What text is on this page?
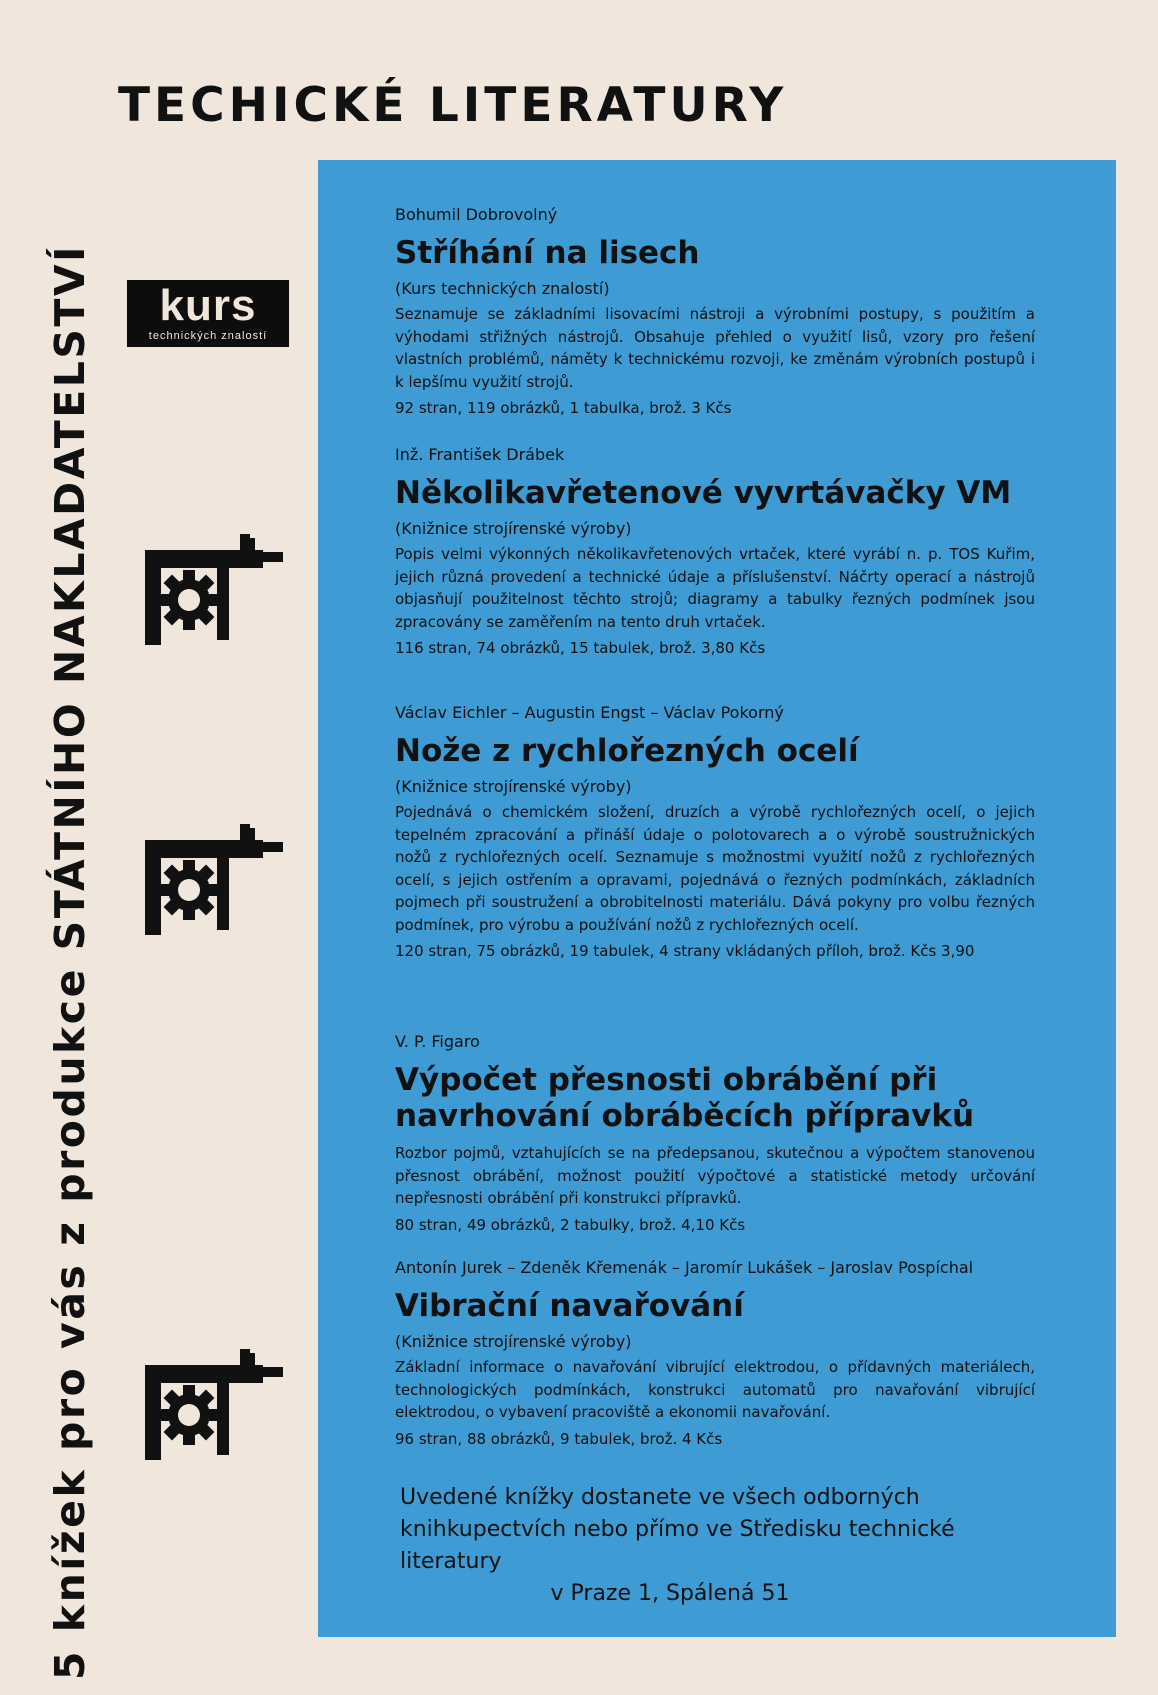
5 knížek pro vás z produkce STÁTNÍHO NAKLADATELSTVÍ
TECHICKÉ LITERATURY
kurs
technických znalostí
Bohumil Dobrovolný
Stříhání na lisech
(Kurs technických znalostí)
Seznamuje se základními lisovacími nástroji a výrobními postupy, s použitím a výhodami střižných nástrojů. Obsahuje přehled o využití lisů, vzory pro řešení vlastních problémů, náměty k technickému rozvoji, ke změnám výrobních postupů i k lepšímu využití strojů.
92 stran, 119 obrázků, 1 tabulka, brož. 3 Kčs
Inž. František Drábek
Několikavřetenové vyvrtávačky VM
(Knižnice strojírenské výroby)
Popis velmi výkonných několikavřetenových vrtaček, které vyrábí n. p. TOS Kuřim, jejich různá provedení a technické údaje a příslušenství. Náčrty operací a nástrojů objasňují použitelnost těchto strojů; diagramy a tabulky řezných podmínek jsou zpracovány se zaměřením na tento druh vrtaček.
116 stran, 74 obrázků, 15 tabulek, brož. 3,80 Kčs
Václav Eichler – Augustin Engst – Václav Pokorný
Nože z rychlořezných ocelí
(Knižnice strojírenské výroby)
Pojednává o chemickém složení, druzích a výrobě rychlořezných ocelí, o jejich tepelném zpracování a přináší údaje o polotovarech a o výrobě soustružnických nožů z rychlořezných ocelí. Seznamuje s možnostmi využití nožů z rychlořezných ocelí, s jejich ostřením a opravami, pojednává o řezných podmínkách, základních pojmech při soustružení a obrobitelnosti materiálu. Dává pokyny pro volbu řezných podmínek, pro výrobu a používání nožů z rychlořezných ocelí.
120 stran, 75 obrázků, 19 tabulek, 4 strany vkládaných příloh, brož. Kčs 3,90
V. P. Figaro
Výpočet přesnosti obrábění při navrhování obráběcích přípravků
Rozbor pojmů, vztahujících se na předepsanou, skutečnou a výpočtem stanovenou přesnost obrábění, možnost použití výpočtové a statistické metody určování nepřesnosti obrábění při konstrukci přípravků.
80 stran, 49 obrázků, 2 tabulky, brož. 4,10 Kčs
Antonín Jurek – Zdeněk Křemenák – Jaromír Lukášek – Jaroslav Pospíchal
Vibrační navařování
(Knižnice strojírenské výroby)
Základní informace o navařování vibrující elektrodou, o přídavných materiálech, technologických podmínkách, konstrukci automatů pro navařování vibrující elektrodou, o vybavení pracoviště a ekonomii navařování.
96 stran, 88 obrázků, 9 tabulek, brož. 4 Kčs
Uvedené knížky dostanete ve všech odborných knihkupectvích nebo přímo ve Středisku technické literatury
v Praze 1, Spálená 51
